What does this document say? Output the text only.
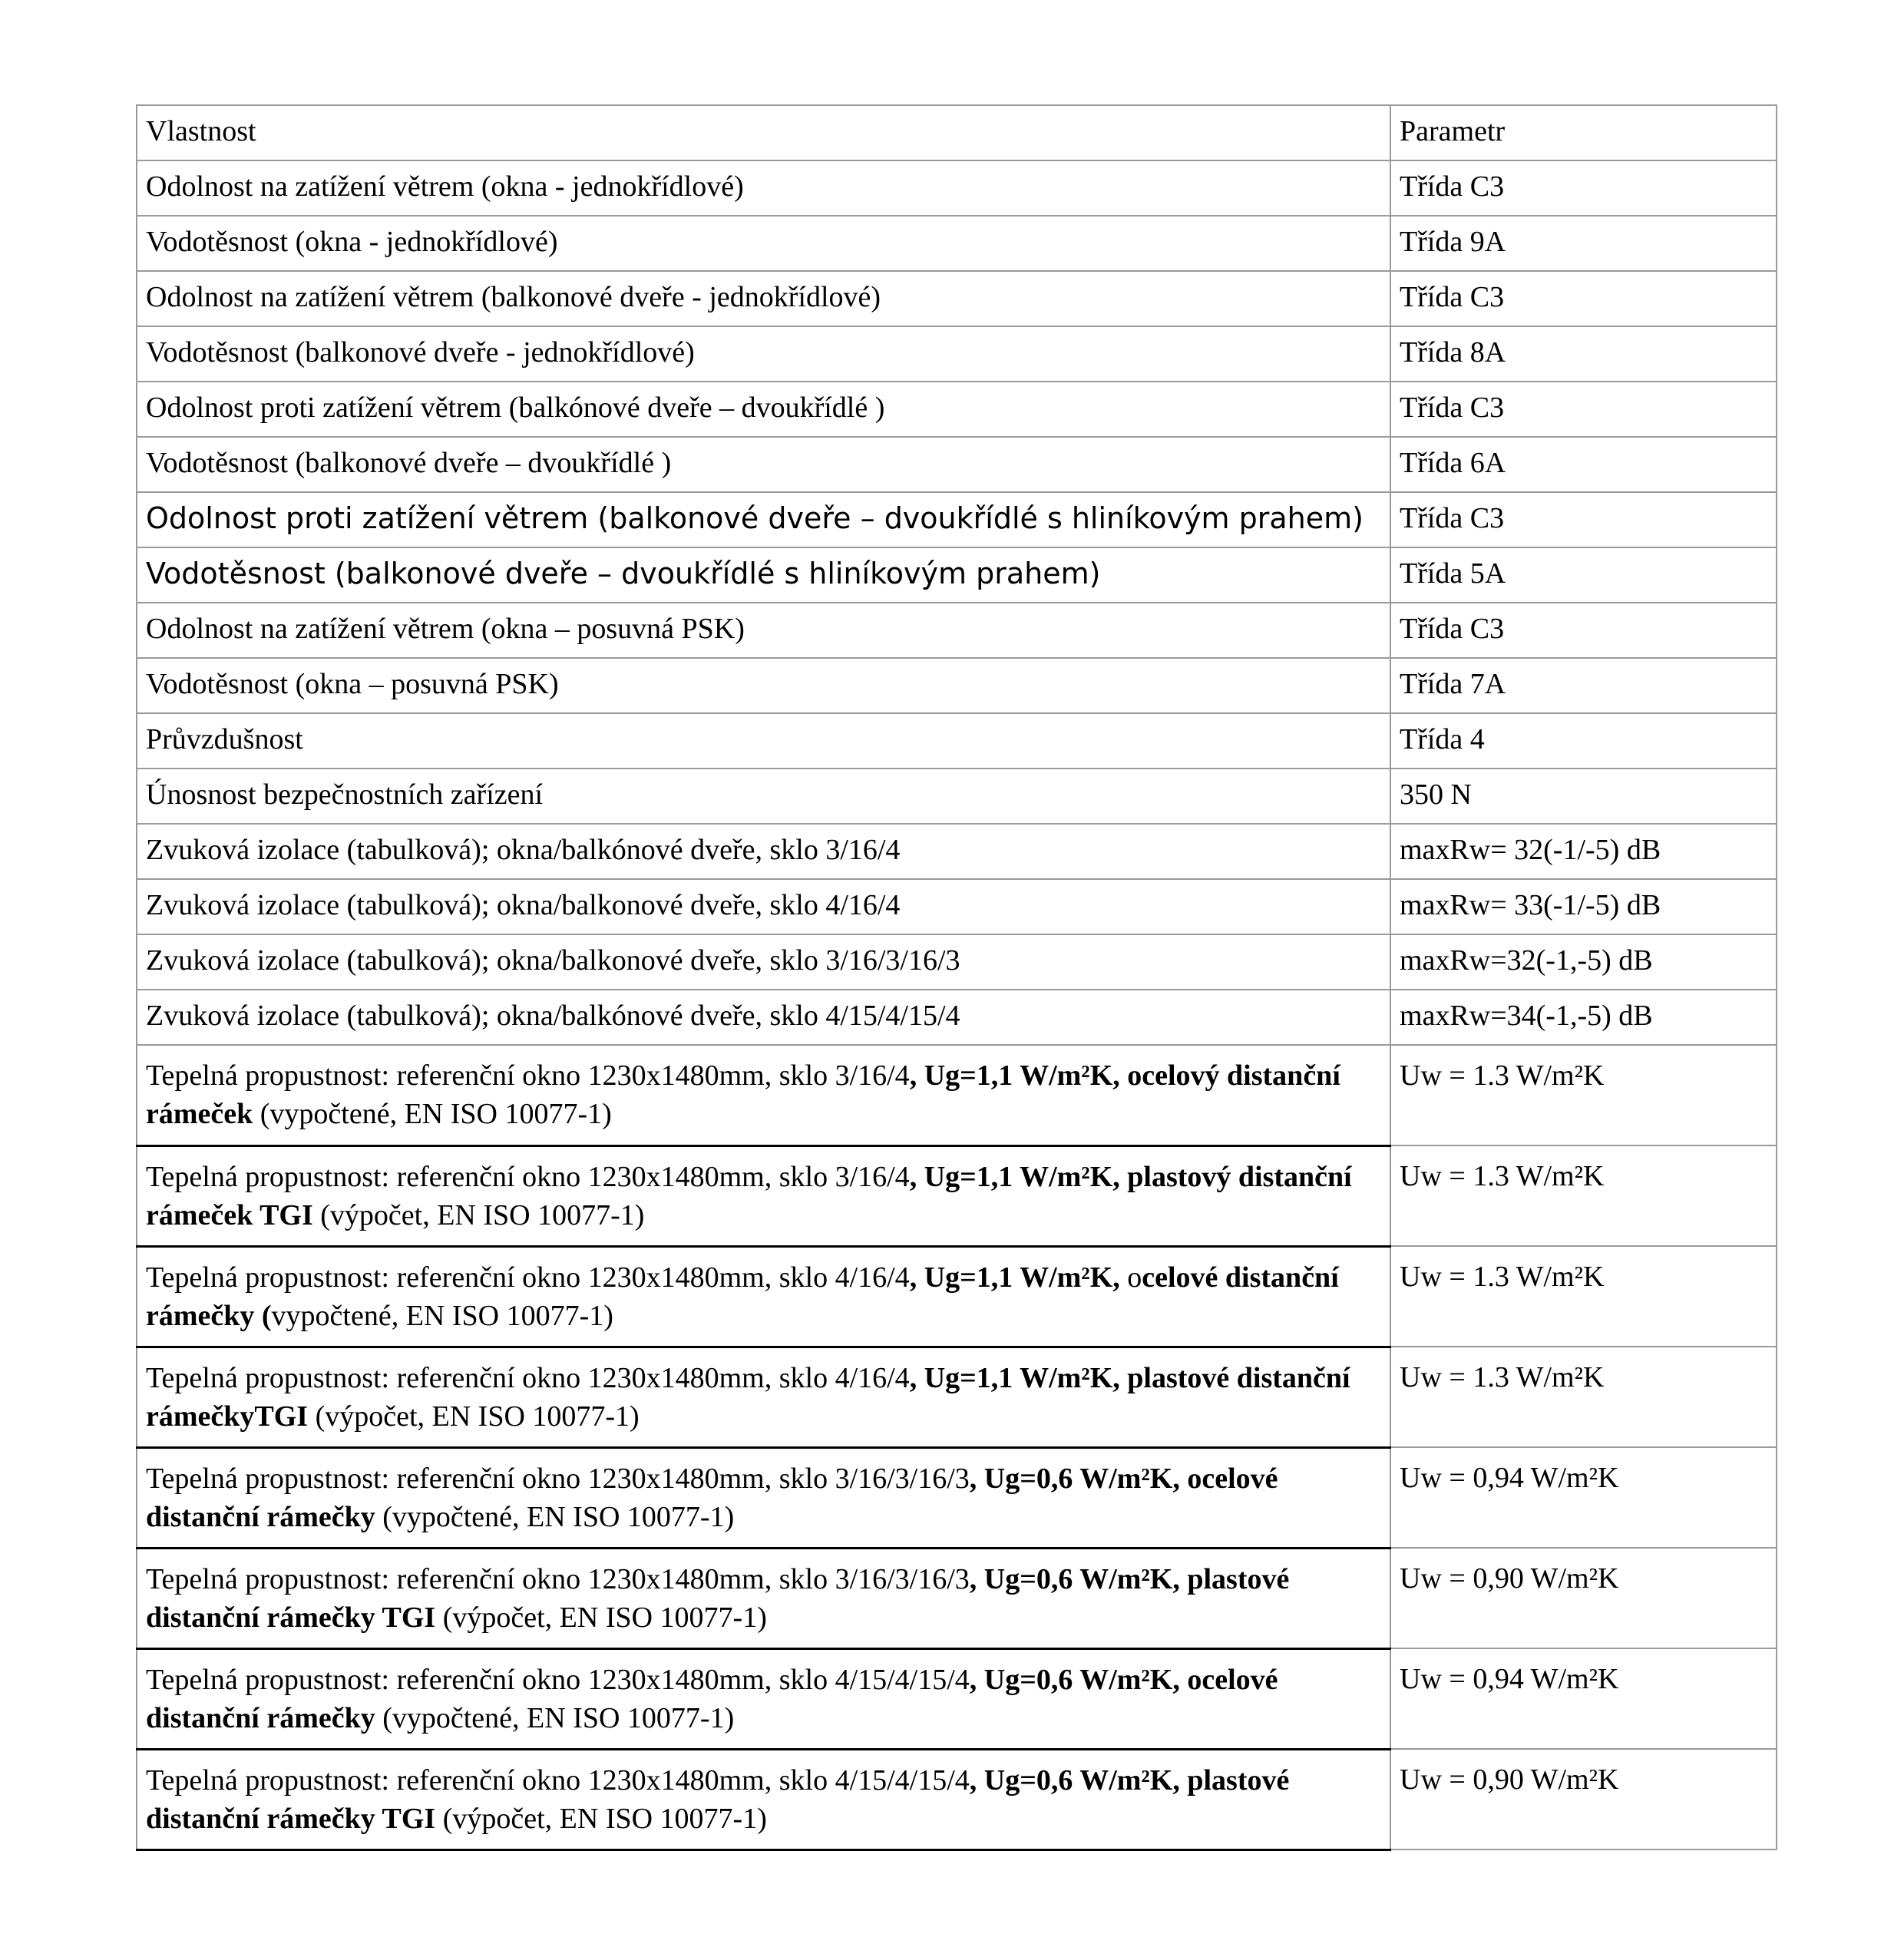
Vlastnost	Parametr
Odolnost na zatížení větrem (okna - jednokřídlové)	Třída C3
Vodotěsnost (okna - jednokřídlové)	Třída 9A
Odolnost na zatížení větrem (balkonové dveře - jednokřídlové)	Třída C3
Vodotěsnost (balkonové dveře - jednokřídlové)	Třída 8A
Odolnost proti zatížení větrem (balkónové dveře – dvoukřídlé )	Třída C3
Vodotěsnost (balkonové dveře – dvoukřídlé )	Třída 6A
Odolnost proti zatížení větrem (balkonové dveře – dvoukřídlé s hliníkovým prahem)	Třída C3
Vodotěsnost (balkonové dveře – dvoukřídlé s hliníkovým prahem)	Třída 5A
Odolnost na zatížení větrem (okna – posuvná PSK)	Třída C3
Vodotěsnost (okna – posuvná PSK)	Třída 7A
Průvzdušnost	Třída 4
Únosnost bezpečnostních zařízení	350 N
Zvuková izolace (tabulková); okna/balkónové dveře, sklo 3/16/4	maxRw= 32(-1/-5) dB
Zvuková izolace (tabulková); okna/balkonové dveře, sklo 4/16/4	maxRw= 33(-1/-5) dB
Zvuková izolace (tabulková); okna/balkonové dveře, sklo 3/16/3/16/3	maxRw=32(-1,-5) dB
Zvuková izolace (tabulková); okna/balkónové dveře, sklo 4/15/4/15/4	maxRw=34(-1,-5) dB
Tepelná propustnost: referenční okno 1230x1480mm, sklo 3/16/4, Ug=1,1 W/m²K, ocelový distanční rámeček (vypočtené, EN ISO 10077-1)	Uw = 1.3 W/m²K
Tepelná propustnost: referenční okno 1230x1480mm, sklo 3/16/4, Ug=1,1 W/m²K, plastový distanční rámeček TGI (výpočet, EN ISO 10077-1)	Uw = 1.3 W/m²K
Tepelná propustnost: referenční okno 1230x1480mm, sklo 4/16/4, Ug=1,1 W/m²K, ocelové distanční rámečky (vypočtené, EN ISO 10077-1)	Uw = 1.3 W/m²K
Tepelná propustnost: referenční okno 1230x1480mm, sklo 4/16/4, Ug=1,1 W/m²K, plastové distanční rámečkyTGI (výpočet, EN ISO 10077-1)	Uw = 1.3 W/m²K
Tepelná propustnost: referenční okno 1230x1480mm, sklo 3/16/3/16/3, Ug=0,6 W/m²K, ocelové distanční rámečky (vypočtené, EN ISO 10077-1)	Uw = 0,94 W/m²K
Tepelná propustnost: referenční okno 1230x1480mm, sklo 3/16/3/16/3, Ug=0,6 W/m²K, plastové distanční rámečky TGI (výpočet, EN ISO 10077-1)	Uw = 0,90 W/m²K
Tepelná propustnost: referenční okno 1230x1480mm, sklo 4/15/4/15/4, Ug=0,6 W/m²K, ocelové distanční rámečky (vypočtené, EN ISO 10077-1)	Uw = 0,94 W/m²K
Tepelná propustnost: referenční okno 1230x1480mm, sklo 4/15/4/15/4, Ug=0,6 W/m²K, plastové distanční rámečky TGI (výpočet, EN ISO 10077-1)	Uw = 0,90 W/m²K
